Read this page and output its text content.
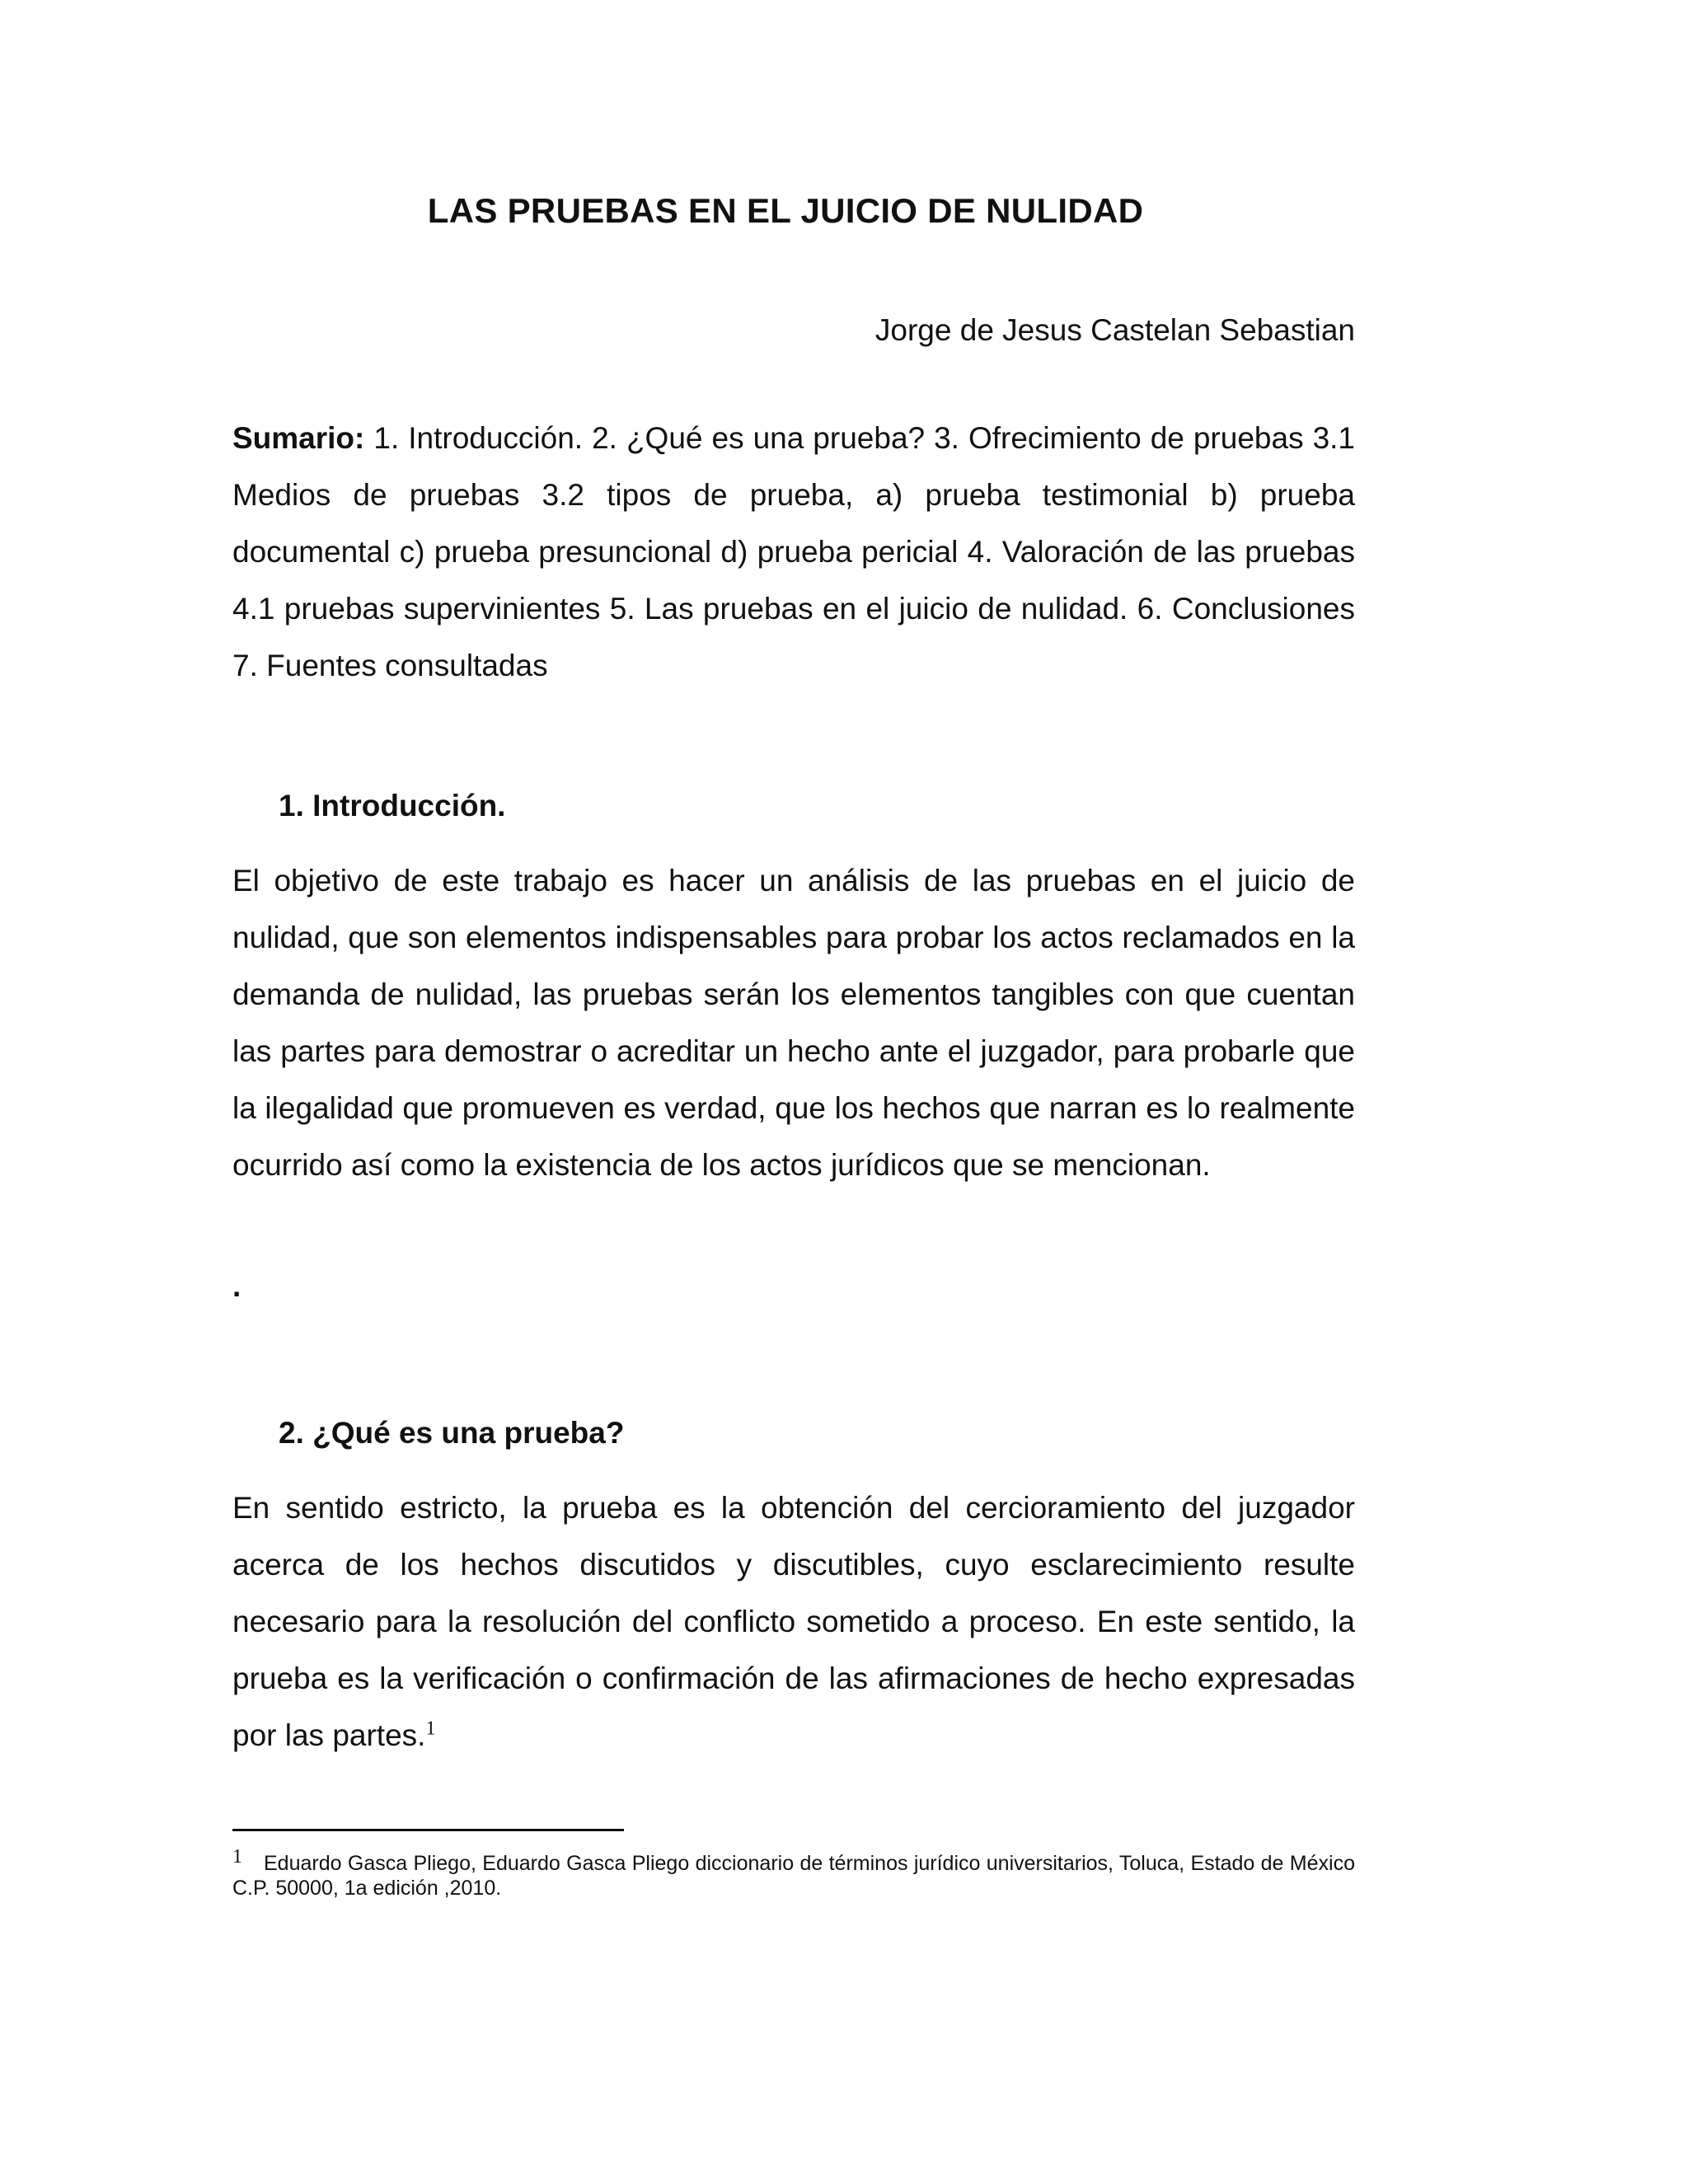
LAS PRUEBAS EN EL JUICIO DE NULIDAD
Jorge de Jesus Castelan Sebastian
Sumario: 1. Introducción. 2. ¿Qué es una prueba? 3. Ofrecimiento de pruebas 3.1 Medios de pruebas 3.2 tipos de prueba, a) prueba testimonial b) prueba documental c) prueba presuncional d) prueba pericial 4. Valoración de las pruebas 4.1 pruebas supervinientes 5. Las pruebas en el juicio de nulidad. 6. Conclusiones 7. Fuentes consultadas
1. Introducción.
El objetivo de este trabajo es hacer un análisis de las pruebas en el juicio de nulidad, que son elementos indispensables para probar los actos reclamados en la demanda de nulidad, las pruebas serán los elementos tangibles con que cuentan las partes para demostrar o acreditar un hecho ante el juzgador, para probarle que la ilegalidad que promueven es verdad, que los hechos que narran es lo realmente ocurrido así como la existencia de los actos jurídicos que se mencionan.
.
2. ¿Qué es una prueba?
En sentido estricto, la prueba es la obtención del cercioramiento del juzgador acerca de los hechos discutidos y discutibles, cuyo esclarecimiento resulte necesario para la resolución del conflicto sometido a proceso. En este sentido, la prueba es la verificación o confirmación de las afirmaciones de hecho expresadas por las partes.$^1$
1 Eduardo Gasca Pliego, Eduardo Gasca Pliego diccionario de términos jurídico universitarios, Toluca, Estado de México C.P. 50000, 1a edición ,2010.
